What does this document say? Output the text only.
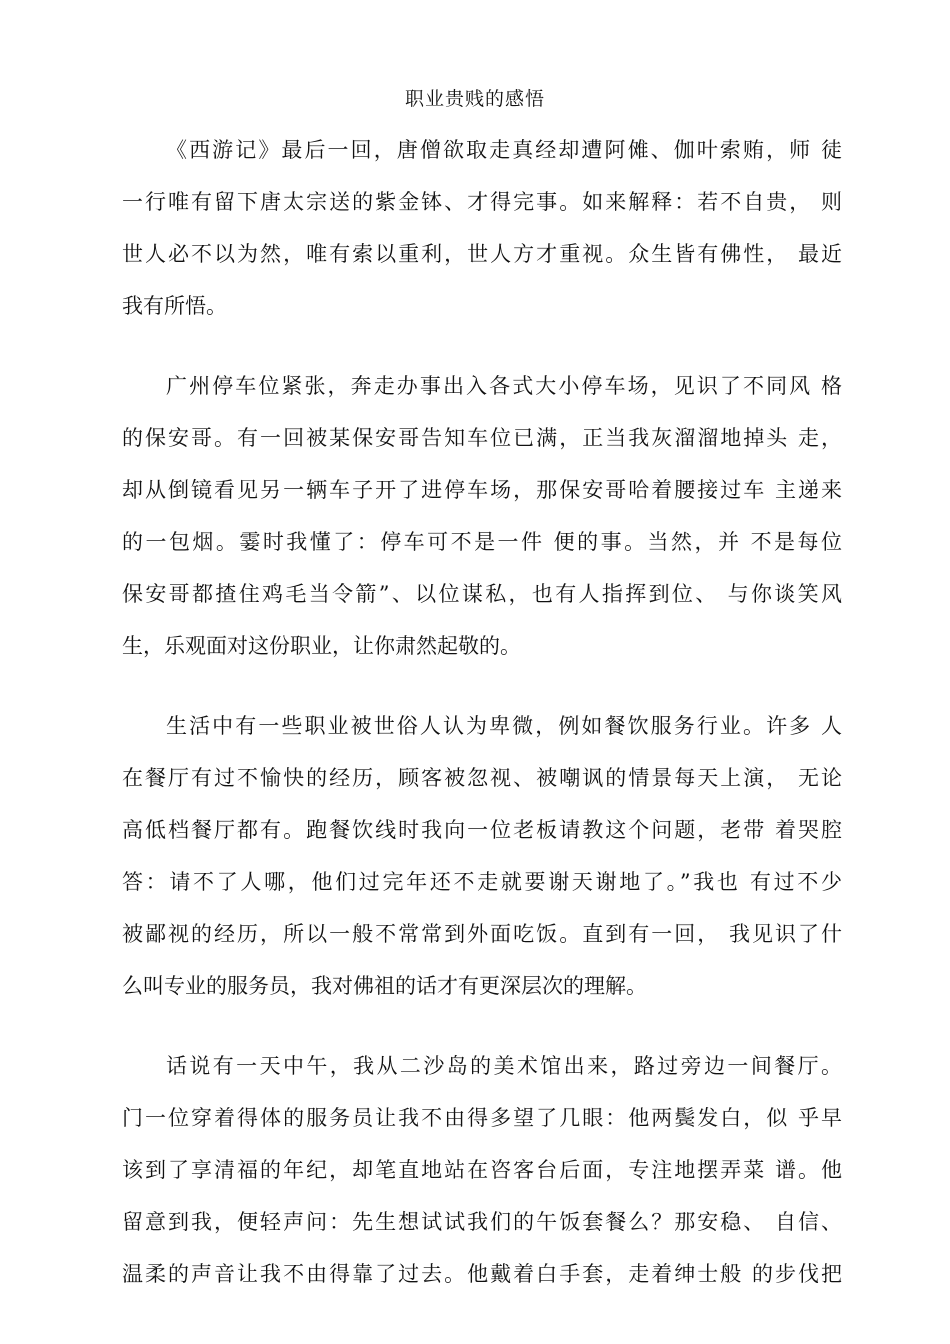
职业贵贱的感悟
《西游记》最后一回，唐僧欲取走真经却遭阿傩、伽叶索贿，师 徒
一行唯有留下唐太宗送的紫金钵、才得完事。如来解释：若不自贵， 则
世人必不以为然，唯有索以重利，世人方才重视。众生皆有佛性， 最近
我有所悟。
广州停车位紧张，奔走办事出入各式大小停车场，见识了不同风 格
的保安哥。有一回被某保安哥告知车位已满，正当我灰溜溜地掉头 走，
却从倒镜看见另一辆车子开了进停车场，那保安哥哈着腰接过车 主递来
的一包烟。霎时我懂了：停车可不是一件 便的事。当然，并 不是每位
保安哥都揸住鸡毛当令箭”、以位谋私，也有人指挥到位、 与你谈笑风
生，乐观面对这份职业，让你肃然起敬的。
生活中有一些职业被世俗人认为卑微，例如餐饮服务行业。许多 人
在餐厅有过不愉快的经历，顾客被忽视、被嘲讽的情景每天上演， 无论
高低档餐厅都有。跑餐饮线时我向一位老板请教这个问题，老带 着哭腔
答：请不了人哪，他们过完年还不走就要谢天谢地了。”我也 有过不少
被鄙视的经历，所以一般不常常到外面吃饭。直到有一回， 我见识了什
么叫专业的服务员，我对佛祖的话才有更深层次的理解。
话说有一天中午，我从二沙岛的美术馆出来，路过旁边一间餐厅。
门一位穿着得体的服务员让我不由得多望了几眼：他两鬓发白，似 乎早
该到了享清福的年纪，却笔直地站在咨客台后面，专注地摆弄菜 谱。他
留意到我，便轻声问：先生想试试我们的午饭套餐么？那安稳、 自信、
温柔的声音让我不由得靠了过去。他戴着白手套，走着绅士般 的步伐把
